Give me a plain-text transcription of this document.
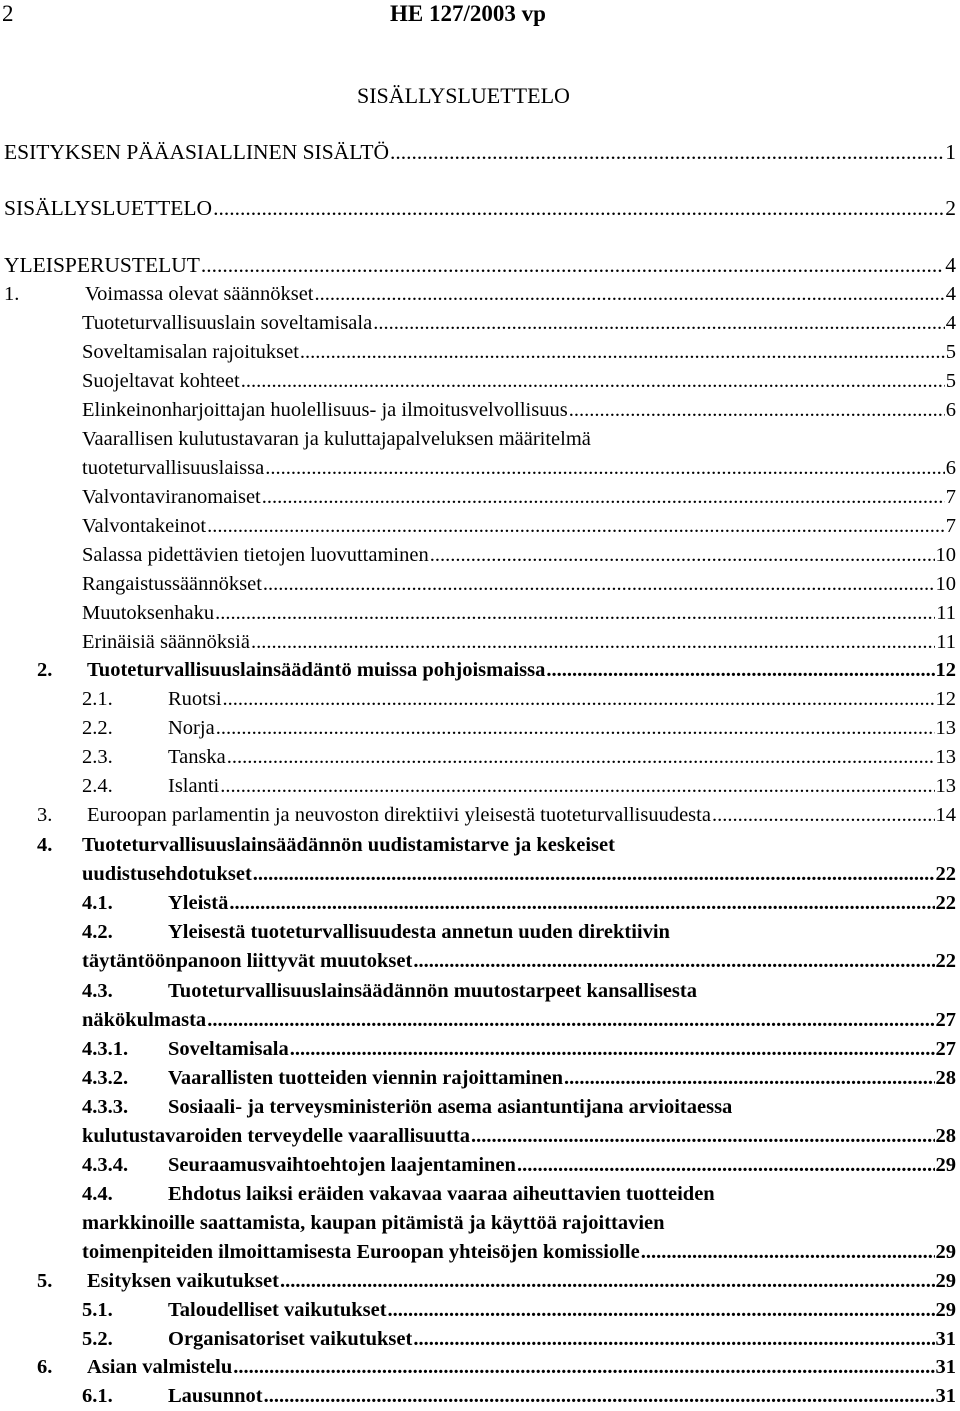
2	HE 127/2003 vp
SISÄLLYSLUETTELO
ESITYKSEN PÄÄASIALLINEN SISÄLTÖ .....	1
SISÄLLYSLUETTELO .....	2
YLEISPERUSTELUT .....	4
1.	Voimassa olevat säännökset .....	4
Tuoteturvallisuuslain soveltamisala .....	4
Soveltamisalan rajoitukset .....	5
Suojeltavat kohteet .....	5
Elinkeinonharjoittajan huolellisuus- ja ilmoitusvelvollisuus .....	6
Vaarallisen kulutustavaran ja kuluttajapalveluksen määritelmä
tuoteturvallisuuslaissa .....	6
Valvontaviranomaiset .....	7
Valvontakeinot .....	7
Salassa pidettävien tietojen luovuttaminen .....	10
Rangaistussäännökset .....	10
Muutoksenhaku .....	11
Erinäisiä säännöksiä .....	11
2. Tuoteturvallisuuslainsäädäntö muissa pohjoismaissa .....	12
2.1.	Ruotsi .....	12
2.2.	Norja .....	13
2.3.	Tanska .....	13
2.4.	Islanti .....	13
3. Euroopan parlamentin ja neuvoston direktiivi yleisestä tuoteturvallisuudesta .....	14
4. Tuoteturvallisuuslainsäädännön uudistamistarve ja keskeiset
uudistusehdotukset .....	22
4.1.	Yleistä .....	22
4.2.	Yleisestä tuoteturvallisuudesta annetun uuden direktiivin
täytäntöönpanoon liittyvät muutokset .....	22
4.3.	Tuoteturvallisuuslainsäädännön muutostarpeet kansallisesta
näkökulmasta .....	27
4.3.1. Soveltamisala .....	27
4.3.2. Vaarallisten tuotteiden viennin rajoittaminen .....	28
4.3.3. Sosiaali- ja terveysministeriön asema asiantuntijana arvioitaessa
kulutustavaroiden terveydelle vaarallisuutta .....	28
4.3.4. Seuraamusvaihtoehtojen laajentaminen .....	29
4.4.	Ehdotus laiksi eräiden vakavaa vaaraa aiheuttavien tuotteiden
markkinoille saattamista, kaupan pitämistä ja käyttöä rajoittavien
toimenpiteiden ilmoittamisesta Euroopan yhteisöjen komissiolle .....	29
5. Esityksen vaikutukset .....	29
5.1.	Taloudelliset vaikutukset .....	29
5.2.	Organisatoriset vaikutukset .....	31
6. Asian valmistelu .....	31
6.1.	Lausunnot .....	31
